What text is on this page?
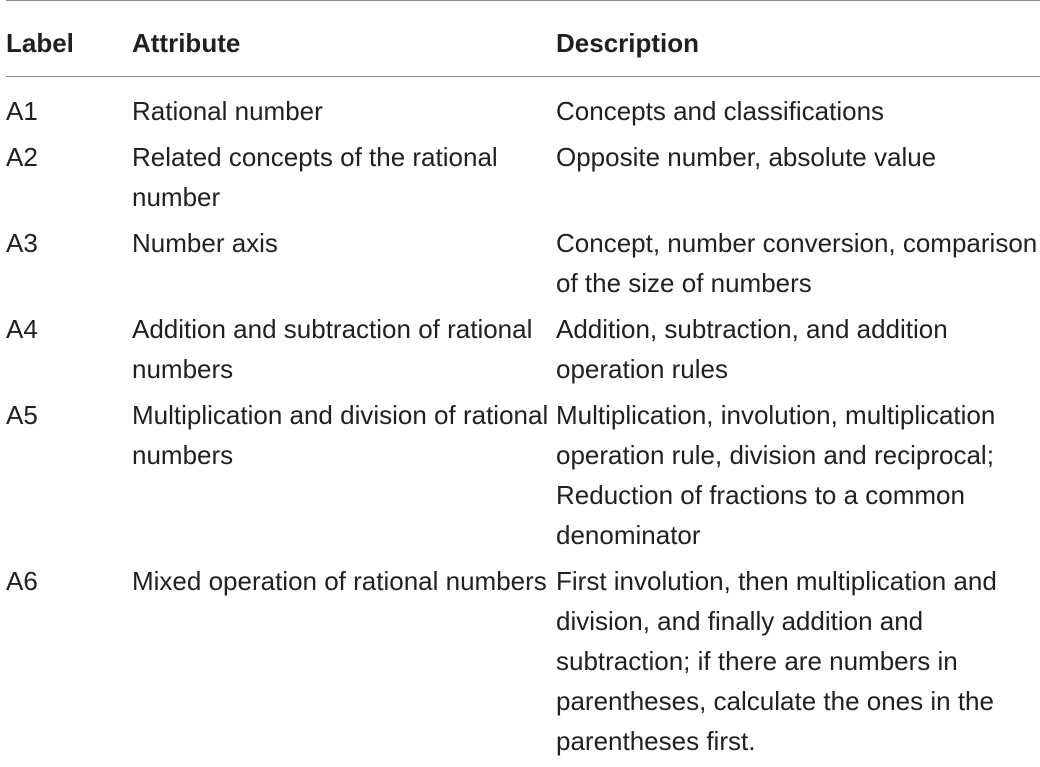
Label	Attribute	Description
A1	Rational number	Concepts and classifications
A2	Related concepts of the rational number	Opposite number, absolute value
A3	Number axis	Concept, number conversion, comparison of the size of numbers
A4	Addition and subtraction of rational numbers	Addition, subtraction, and addition operation rules
A5	Multiplication and division of rational numbers	Multiplication, involution, multiplication operation rule, division and reciprocal; Reduction of fractions to a common denominator
A6	Mixed operation of rational numbers	First involution, then multiplication and division, and finally addition and subtraction; if there are numbers in parentheses, calculate the ones in the parentheses first.
